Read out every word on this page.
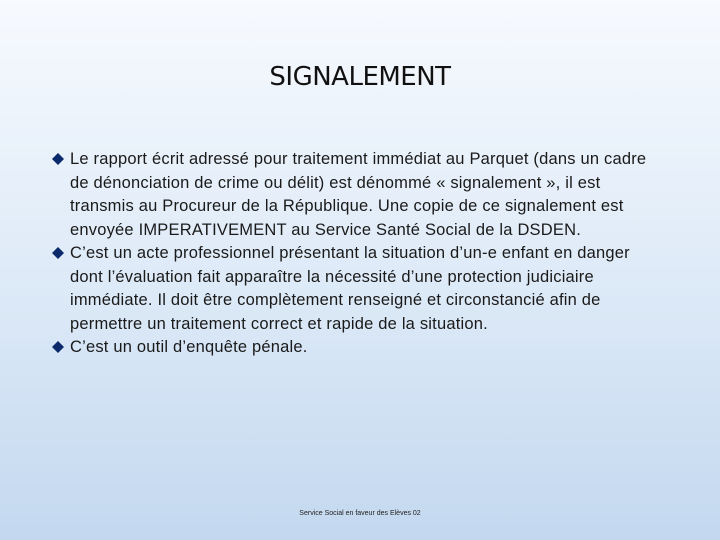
SIGNALEMENT
Le rapport écrit adressé pour traitement immédiat au Parquet (dans un cadre de dénonciation de crime ou délit) est dénommé « signalement », il est transmis au Procureur de la République. Une copie de ce signalement est envoyée IMPERATIVEMENT au Service Santé Social de la DSDEN.
C’est un acte professionnel présentant la situation d’un-e enfant en danger dont l’évaluation fait apparaître la nécessité d’une protection judiciaire immédiate. Il doit être complètement renseigné et circonstancié afin de permettre un traitement correct et rapide de la situation.
C’est un outil d’enquête pénale.
Service Social en faveur des Elèves 02
